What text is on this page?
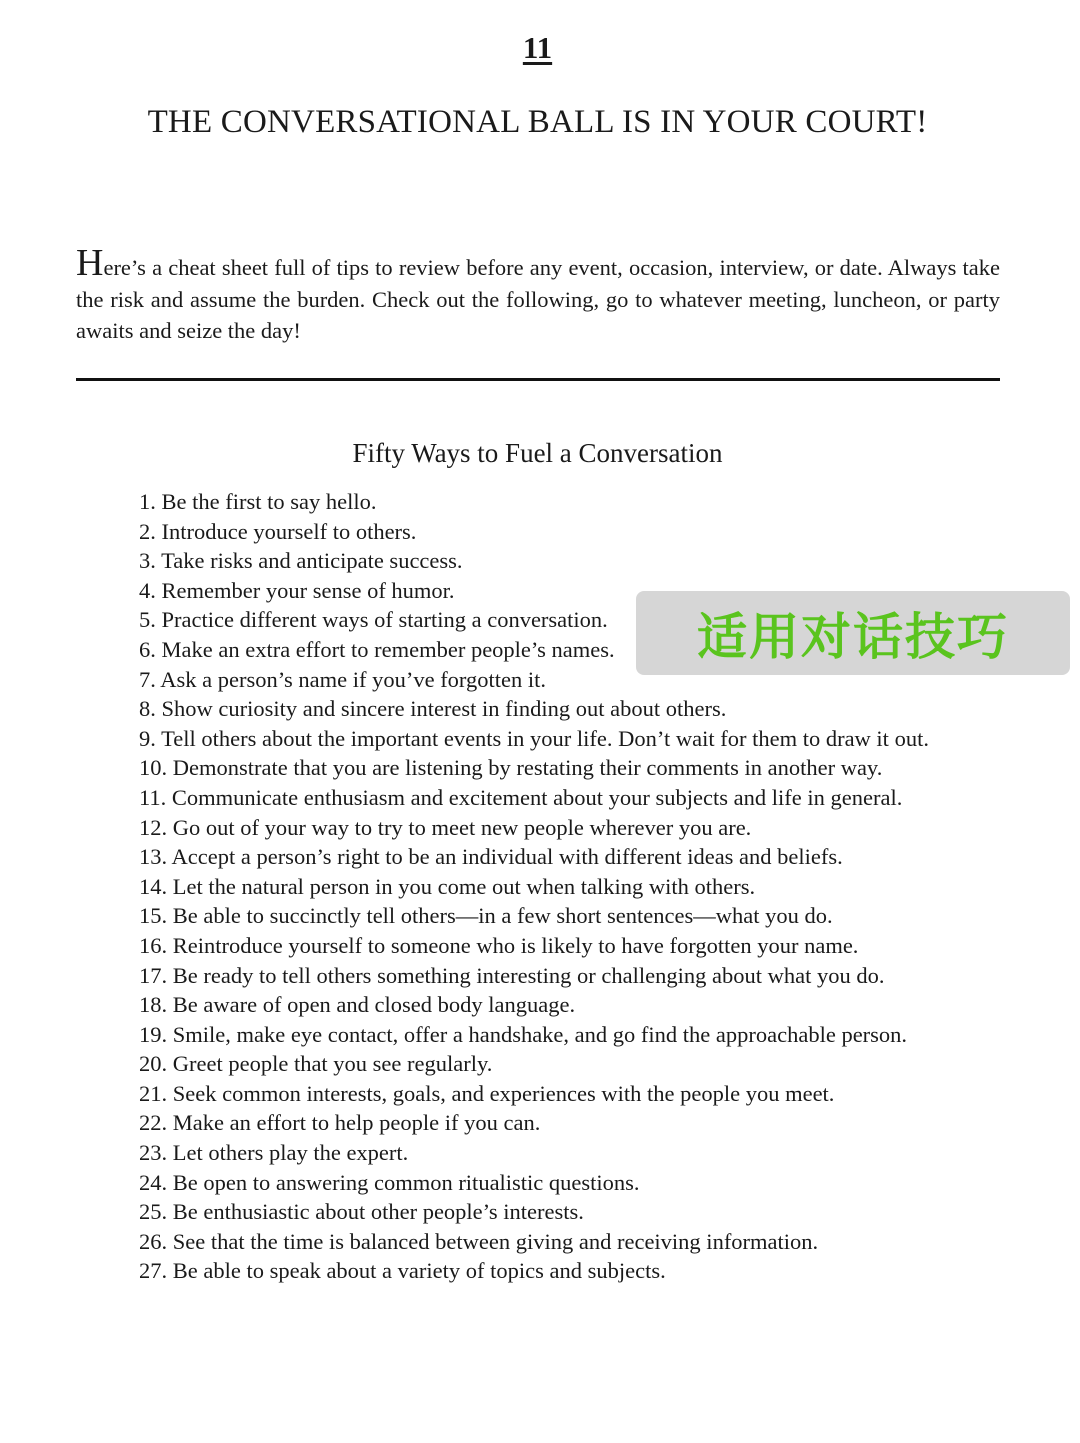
11
THE CONVERSATIONAL BALL IS IN YOUR COURT!

Here’s a cheat sheet full of tips to review before any event, occasion, interview, or date. Always take the risk and assume the burden. Check out the following, go to whatever meeting, luncheon, or party awaits and seize the day!

Fifty Ways to Fuel a Conversation
1. Be the first to say hello.
2. Introduce yourself to others.
3. Take risks and anticipate success.
4. Remember your sense of humor.
5. Practice different ways of starting a conversation.
6. Make an extra effort to remember people’s names.
7. Ask a person’s name if you’ve forgotten it.
8. Show curiosity and sincere interest in finding out about others.
9. Tell others about the important events in your life. Don’t wait for them to draw it out.
10. Demonstrate that you are listening by restating their comments in another way.
11. Communicate enthusiasm and excitement about your subjects and life in general.
12. Go out of your way to try to meet new people wherever you are.
13. Accept a person’s right to be an individual with different ideas and beliefs.
14. Let the natural person in you come out when talking with others.
15. Be able to succinctly tell others—in a few short sentences—what you do.
16. Reintroduce yourself to someone who is likely to have forgotten your name.
17. Be ready to tell others something interesting or challenging about what you do.
18. Be aware of open and closed body language.
19. Smile, make eye contact, offer a handshake, and go find the approachable person.
20. Greet people that you see regularly.
21. Seek common interests, goals, and experiences with the people you meet.
22. Make an effort to help people if you can.
23. Let others play the expert.
24. Be open to answering common ritualistic questions.
25. Be enthusiastic about other people’s interests.
26. See that the time is balanced between giving and receiving information.
27. Be able to speak about a variety of topics and subjects.
适用对话技巧
